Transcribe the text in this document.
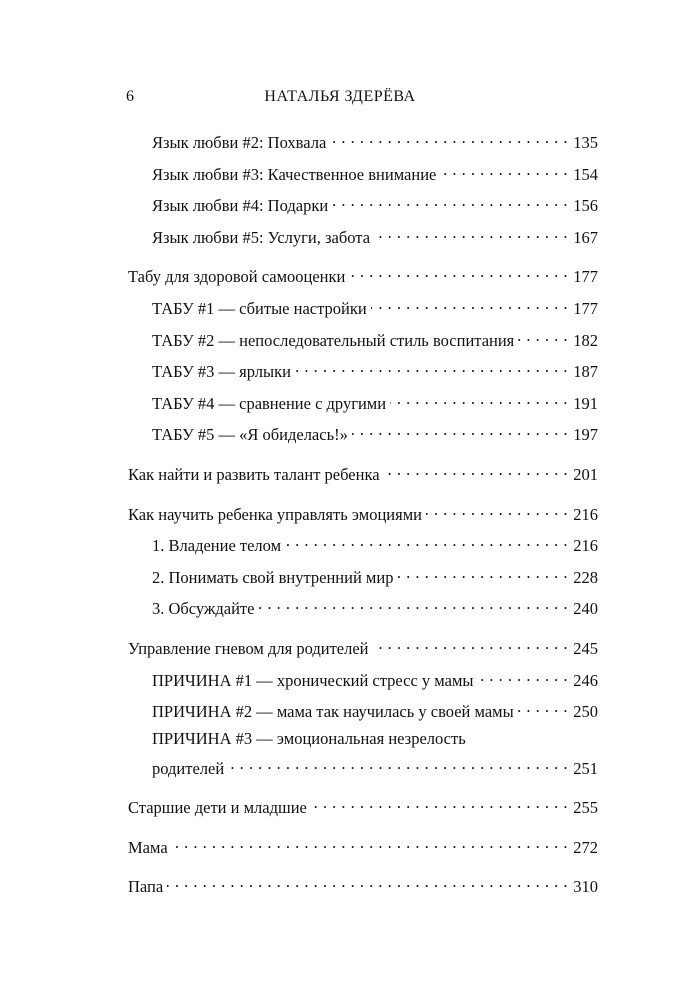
6	НАТАЛЬЯ ЗДЕРЁВА
Язык любви #2: Похвала . . .	135
Язык любви #3: Качественное внимание . . .	154
Язык любви #4: Подарки . . .	156
Язык любви #5: Услуги, забота . . .	167
Табу для здоровой самооценки . . .	177
ТАБУ #1 — сбитые настройки . . .	177
ТАБУ #2 — непоследовательный стиль воспитания . . .	182
ТАБУ #3 — ярлыки . . .	187
ТАБУ #4 — сравнение с другими . . .	191
ТАБУ #5 — «Я обиделась!» . . .	197
Как найти и развить талант ребенка . . .	201
Как научить ребенка управлять эмоциями . . .	216
1. Владение телом . . .	216
2. Понимать свой внутренний мир . . .	228
3. Обсуждайте . . .	240
Управление гневом для родителей . . .	245
ПРИЧИНА #1 — хронический стресс у мамы . . .	246
ПРИЧИНА #2 — мама так научилась у своей мамы . . .	250
ПРИЧИНА #3 — эмоциональная незрелость
родителей . . .	251
Старшие дети и младшие . . .	255
Мама . . .	272
Папа . . .	310
